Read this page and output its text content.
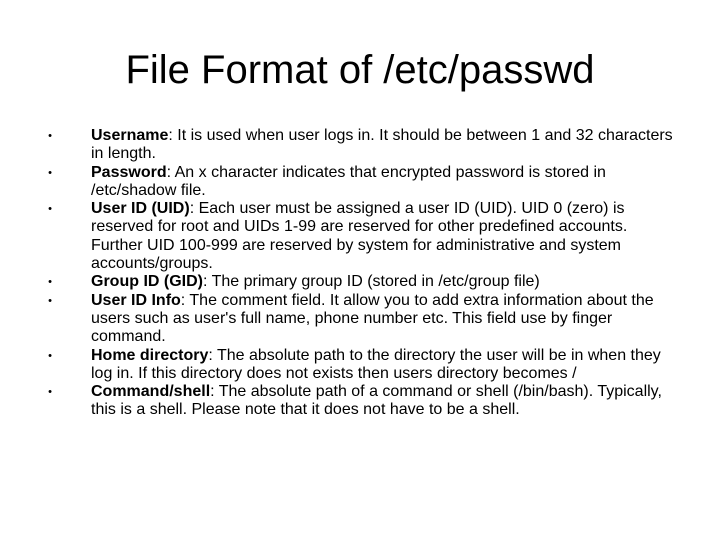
File Format of /etc/passwd
• Username: It is used when user logs in. It should be between 1 and 32 characters in length.
• Password: An x character indicates that encrypted password is stored in /etc/shadow file.
• User ID (UID): Each user must be assigned a user ID (UID). UID 0 (zero) is reserved for root and UIDs 1-99 are reserved for other predefined accounts. Further UID 100-999 are reserved by system for administrative and system accounts/groups.
• Group ID (GID): The primary group ID (stored in /etc/group file)
• User ID Info: The comment field. It allow you to add extra information about the users such as user's full name, phone number etc. This field use by finger command.
• Home directory: The absolute path to the directory the user will be in when they log in. If this directory does not exists then users directory becomes /
• Command/shell: The absolute path of a command or shell (/bin/bash). Typically, this is a shell. Please note that it does not have to be a shell.
